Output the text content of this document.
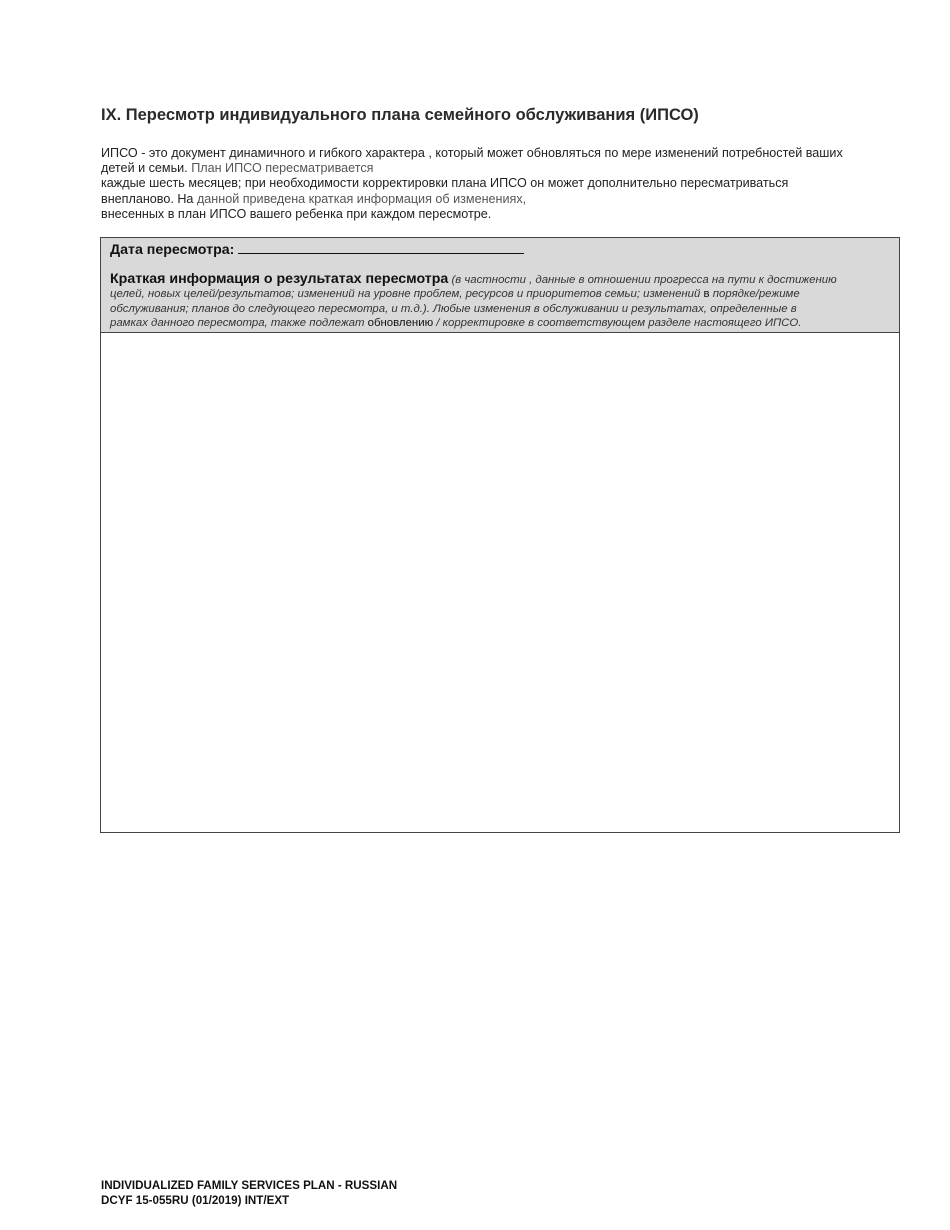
IX. Пересмотр индивидуального плана семейного обслуживания (ИПСО)
ИПСО - это документ динамичного и гибкого характера , который может обновляться по мере изменений потребностей ваших
детей и семьи. План ИПСО пересматривается
каждые шесть месяцев; при необходимости корректировки плана ИПСО он может дополнительно пересматриваться
внепланово. На данной приведена краткая информация об изменениях,
внесенных в план ИПСО вашего ребенка при каждом пересмотре.
Дата пересмотра:
Краткая информация о результатах пересмотра (в частности , данные в отношении прогресса на пути к достижению
целей, новых целей/результатов; изменений на уровне проблем, ресурсов и приоритетов семьи; изменений в порядке/режиме
обслуживания; планов до следующего пересмотра, и т.д.). Любые изменения в обслуживании и результатах, определенные в
рамках данного пересмотра, также подлежат обновлению / корректировке в соответствующем разделе настоящего ИПСО.
INDIVIDUALIZED FAMILY SERVICES PLAN - RUSSIAN
DCYF 15-055RU (01/2019) INT/EXT
